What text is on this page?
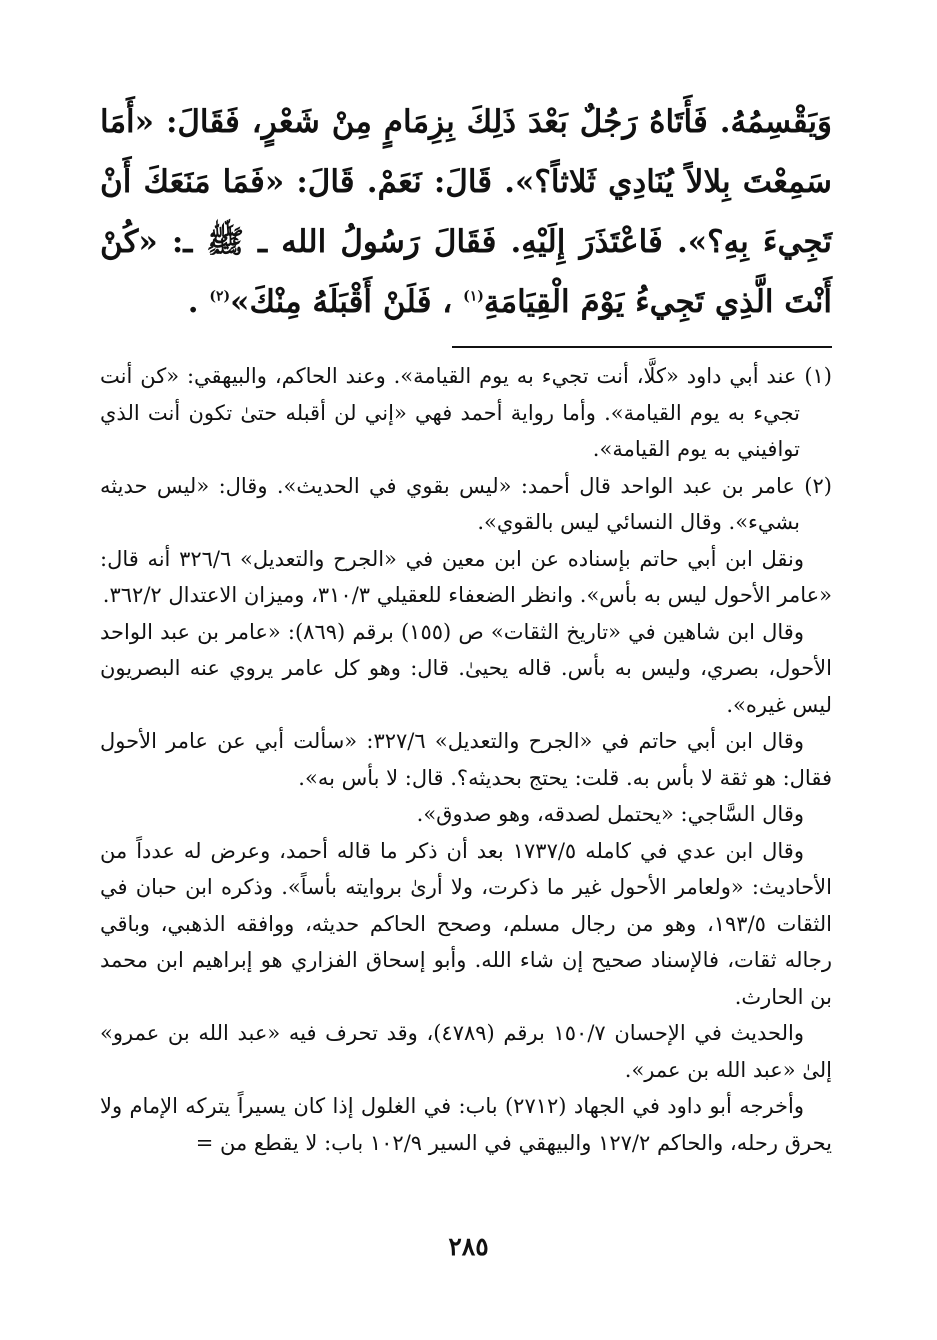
وَيَقْسِمُهُ. فَأَتَاهُ رَجُلٌ بَعْدَ ذَلِكَ بِزِمَامٍ مِنْ شَعْرٍ، فَقَالَ: «أَمَا سَمِعْتَ بِلالاً يُنَادِي ثَلاثاً؟». قَالَ: نَعَمْ. قَالَ: «فَمَا مَنَعَكَ أَنْ تَجِيءَ بِهِ؟». فَاعْتَذَرَ إِلَيْهِ. فَقَالَ رَسُولُ الله ـ ﷺ ـ: «كُنْ أَنْتَ الَّذِي تَجِيءُ يَوْمَ الْقِيَامَةِ$^{(١)}$ ، فَلَنْ أَقْبَلَهُ مِنْكَ»$^{(٢)}$ .

(١) عند أبي داود «كلَّا، أنت تجيء به يوم القيامة». وعند الحاكم، والبيهقي: «كن أنت تجيء به يوم القيامة». وأما رواية أحمد فهي «إني لن أقبله حتىٰ تكون أنت الذي توافيني به يوم القيامة».

(٢) عامر بن عبد الواحد قال أحمد: «ليس بقوي في الحديث». وقال: «ليس حديثه بشيء». وقال النسائي ليس بالقوي».

ونقل ابن أبي حاتم بإسناده عن ابن معين في «الجرح والتعديل» ٣٢٦/٦ أنه قال: «عامر الأحول ليس به بأس». وانظر الضعفاء للعقيلي ٣١٠/٣، وميزان الاعتدال ٣٦٢/٢.

وقال ابن شاهين في «تاريخ الثقات» ص (١٥٥) برقم (٨٦٩): «عامر بن عبد الواحد الأحول، بصري، وليس به بأس. قاله يحيىٰ. قال: وهو كل عامر يروي عنه البصريون ليس غيره».

وقال ابن أبي حاتم في «الجرح والتعديل» ٣٢٧/٦: «سألت أبي عن عامر الأحول فقال: هو ثقة لا بأس به. قلت: يحتج بحديثه؟. قال: لا بأس به».

وقال السَّاجي: «يحتمل لصدقه، وهو صدوق».

وقال ابن عدي في كامله ١٧٣٧/٥ بعد أن ذكر ما قاله أحمد، وعرض له عدداً من الأحاديث: «ولعامر الأحول غير ما ذكرت، ولا أرىٰ بروايته بأساً». وذكره ابن حبان في الثقات ١٩٣/٥، وهو من رجال مسلم، وصحح الحاكم حديثه، ووافقه الذهبي، وباقي رجاله ثقات، فالإسناد صحيح إن شاء الله. وأبو إسحاق الفزاري هو إبراهيم ابن محمد بن الحارث.

والحديث في الإحسان ١٥٠/٧ برقم (٤٧٨٩)، وقد تحرف فيه «عبد الله بن عمرو» إلىٰ «عبد الله بن عمر».

وأخرجه أبو داود في الجهاد (٢٧١٢) باب: في الغلول إذا كان يسيراً يتركه الإمام ولا يحرق رحله، والحاكم ١٢٧/٢ والبيهقي في السير ١٠٢/٩ باب: لا يقطع من =

٢٨٥
